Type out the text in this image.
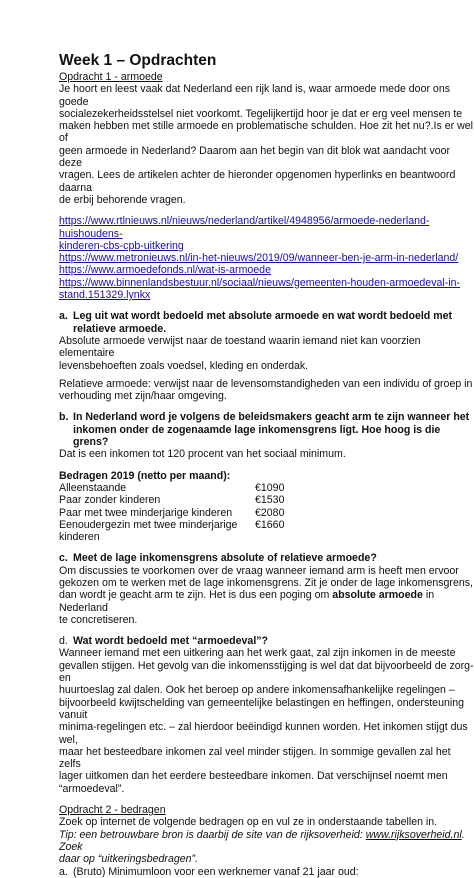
Week 1 – Opdrachten
Opdracht 1 - armoede
Je hoort en leest vaak dat Nederland een rijk land is, waar armoede mede door ons goede
socialezekerheidsstelsel niet voorkomt. Tegelijkertijd hoor je dat er erg veel mensen te
maken hebben met stille armoede en problematische schulden. Hoe zit het nu?.Is er wel of
geen armoede in Nederland? Daarom aan het begin van dit blok wat aandacht voor deze
vragen. Lees de artikelen achter de hieronder opgenomen hyperlinks en beantwoord daarna
de erbij behorende vragen.
https://www.rtlnieuws.nl/nieuws/nederland/artikel/4948956/armoede-nederland-huishoudens-
kinderen-cbs-cpb-uitkering
https://www.metronieuws.nl/in-het-nieuws/2019/09/wanneer-ben-je-arm-in-nederland/
https://www.armoedefonds.nl/wat-is-armoede
https://www.binnenlandsbestuur.nl/sociaal/nieuws/gemeenten-houden-armoedeval-in-
stand.151329.lynkx
a. Leg uit wat wordt bedoeld met absolute armoede en wat wordt bedoeld met
relatieve armoede.
Absolute armoede verwijst naar de toestand waarin iemand niet kan voorzien elementaire
levensbehoeften zoals voedsel, kleding en onderdak.
Relatieve armoede: verwijst naar de levensomstandigheden van een individu of groep in
verhouding met zijn/haar omgeving.
b. In Nederland word je volgens de beleidsmakers geacht arm te zijn wanneer het
inkomen onder de zogenaamde lage inkomensgrens ligt. Hoe hoog is die grens?
Dat is een inkomen tot 120 procent van het sociaal minimum.
Bedragen 2019 (netto per maand):
Alleenstaande	€1090
Paar zonder kinderen	€1530
Paar met twee minderjarige kinderen	€2080
Eenoudergezin met twee minderjarige kinderen	€1660
c. Meet de lage inkomensgrens absolute of relatieve armoede?
Om discussies te voorkomen over de vraag wanneer iemand arm is heeft men ervoor
gekozen om te werken met de lage inkomensgrens. Zit je onder de lage inkomensgrens,
dan wordt je geacht arm te zijn. Het is dus een poging om absolute armoede in Nederland
te concretiseren.
d. Wat wordt bedoeld met “armoedeval”?
Wanneer iemand met een uitkering aan het werk gaat, zal zijn inkomen in de meeste
gevallen stijgen. Het gevolg van die inkomensstijging is wel dat dat bijvoorbeeld de zorg- en
huurtoeslag zal dalen. Ook het beroep op andere inkomensafhankelijke regelingen –
bijvoorbeeld kwijtschelding van gemeentelijke belastingen en heffingen, ondersteuning vanuit
minima-regelingen etc. – zal hierdoor beëindigd kunnen worden. Het inkomen stijgt dus wel,
maar het besteedbare inkomen zal veel minder stijgen. In sommige gevallen zal het zelfs
lager uitkomen dan het eerdere besteedbare inkomen. Dat verschijnsel noemt men
“armoedeval”.
Opdracht 2 - bedragen
Zoek op internet de volgende bedragen op en vul ze in onderstaande tabellen in.
Tip: een betrouwbare bron is daarbij de site van de rijksoverheid: www.rijksoverheid.nl. Zoek
daar op “uitkeringsbedragen”.
a. (Bruto) Minimumloon voor een werknemer vanaf 21 jaar oud:
